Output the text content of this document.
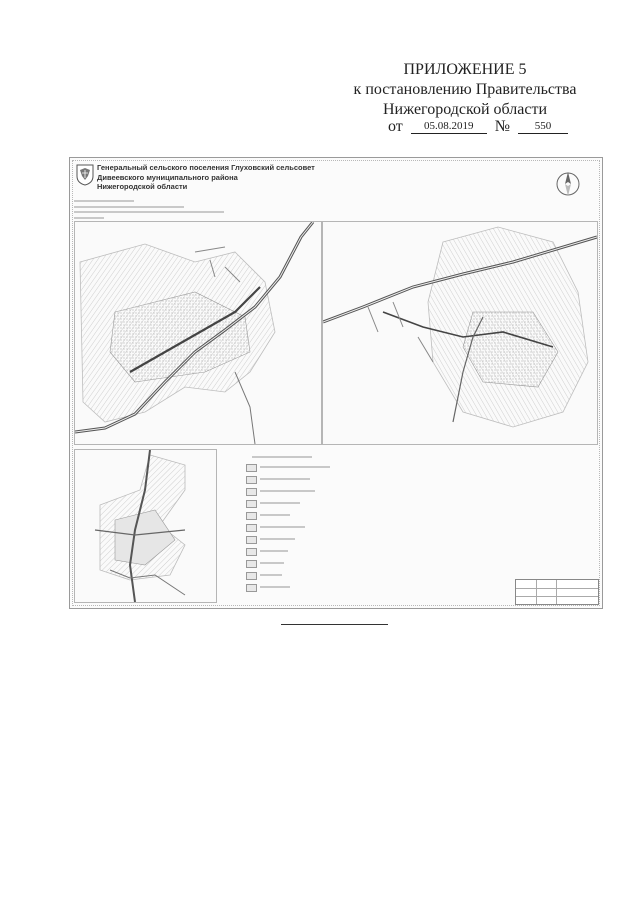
ПРИЛОЖЕНИЕ 5
к постановлению Правительства
Нижегородской области
от 05.08.2019 № 550
Генеральный сельского поселения Глуховский сельсовет
Дивеевского муниципального района
Нижегородской области
